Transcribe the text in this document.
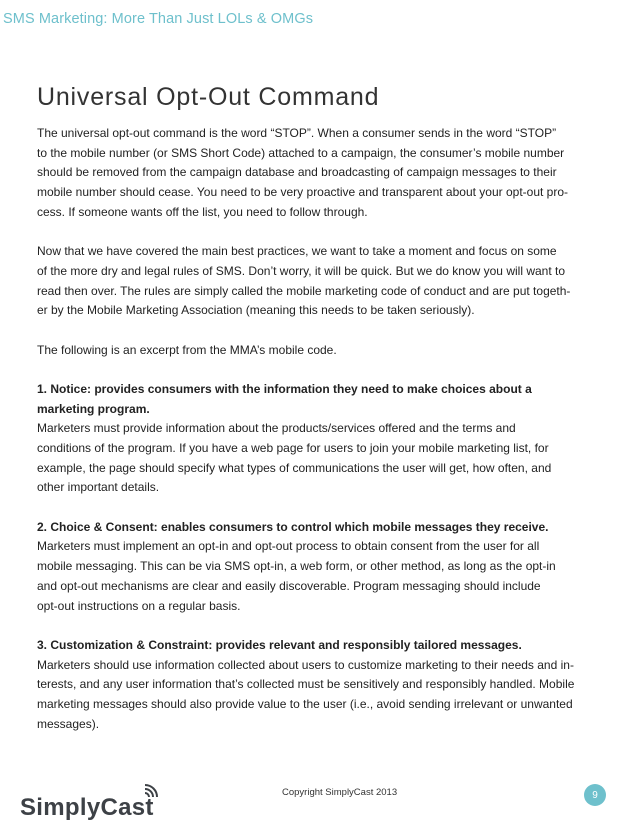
SMS Marketing: More Than Just LOLs & OMGs
Universal Opt-Out Command
The universal opt-out command is the word “STOP”. When a consumer sends in the word “STOP”
to the mobile number (or SMS Short Code) attached to a campaign, the consumer’s mobile number
should be removed from the campaign database and broadcasting of campaign messages to their
mobile number should cease. You need to be very proactive and transparent about your opt-out pro-
cess. If someone wants off the list, you need to follow through.
Now that we have covered the main best practices, we want to take a moment and focus on some
of the more dry and legal rules of SMS. Don’t worry, it will be quick. But we do know you will want to
read then over. The rules are simply called the mobile marketing code of conduct and are put togeth-
er by the Mobile Marketing Association (meaning this needs to be taken seriously).
The following is an excerpt from the MMA’s mobile code.
1. Notice: provides consumers with the information they need to make choices about a
marketing program.
Marketers must provide information about the products/services offered and the terms and
conditions of the program. If you have a web page for users to join your mobile marketing list, for
example, the page should specify what types of communications the user will get, how often, and
other important details.
2. Choice & Consent: enables consumers to control which mobile messages they receive.
Marketers must implement an opt-in and opt-out process to obtain consent from the user for all
mobile messaging. This can be via SMS opt-in, a web form, or other method, as long as the opt-in
and opt-out mechanisms are clear and easily discoverable. Program messaging should include
opt-out instructions on a regular basis.
3. Customization & Constraint: provides relevant and responsibly tailored messages.
Marketers should use information collected about users to customize marketing to their needs and in-
terests, and any user information that’s collected must be sensitively and responsibly handled. Mobile
marketing messages should also provide value to the user (i.e., avoid sending irrelevant or unwanted
messages).
SimplyCast
Copyright SimplyCast 2013	9
